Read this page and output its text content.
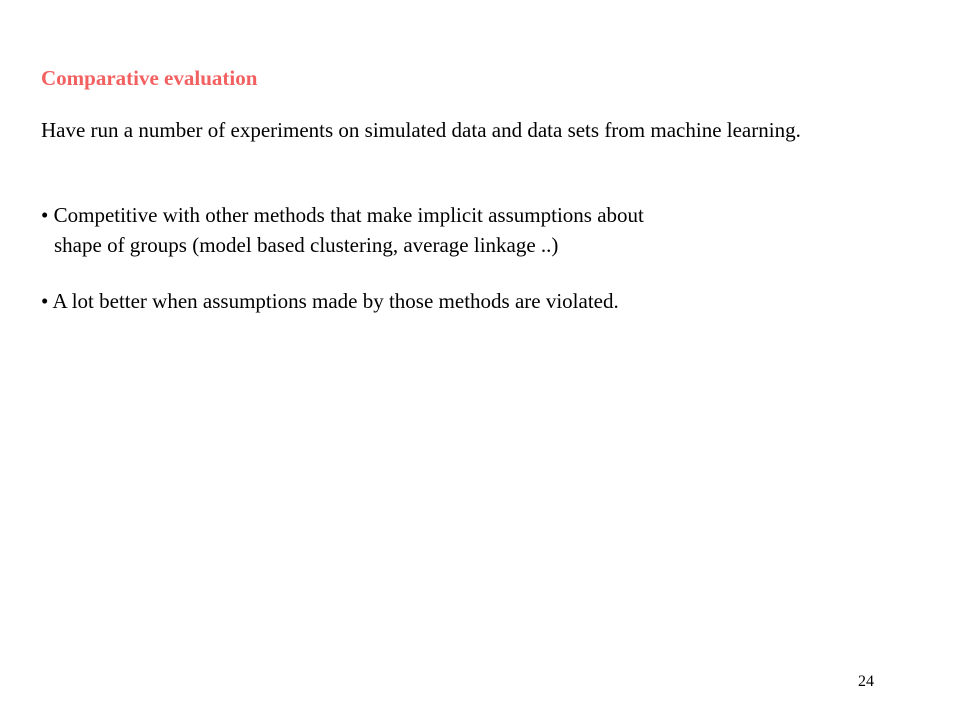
Comparative evaluation
Have run a number of experiments on simulated data and data sets from machine learning.
• Competitive with other methods that make implicit assumptions about
shape of groups (model based clustering, average linkage ..)
• A lot better when assumptions made by those methods are violated.
24
